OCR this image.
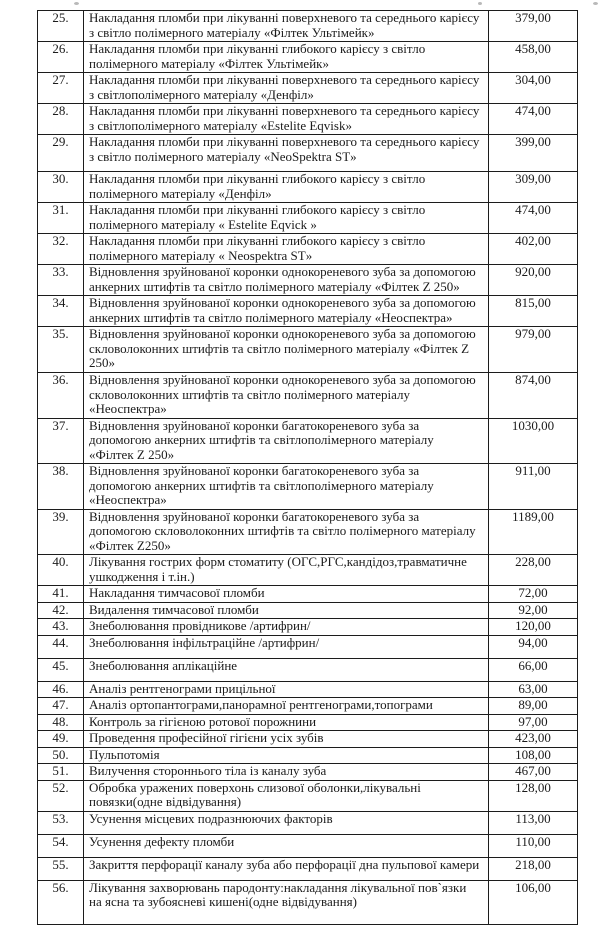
25.	Накладання пломби при лікуванні поверхневого та середнього карієсу з світло полімерного матеріалу «Філтек Ультімейк»	379,00
26.	Накладання пломби при лікуванні глибокого карієсу з світло полімерного матеріалу «Філтек Ультімейк»	458,00
27.	Накладання пломби при лікуванні поверхневого та середнього карієсу з світлополімерного матеріалу «Денфіл»	304,00
28.	Накладання пломби при лікуванні поверхневого та середнього карієсу з світлополімерного матеріалу «Estelite Eqvisk»	474,00
29.	Накладання пломби при лікуванні поверхневого та середнього карієсу з світло полімерного матеріалу «NeoSpektra ST»	399,00
30.	Накладання пломби при лікуванні глибокого карієсу з світло полімерного матеріалу «Денфіл»	309,00
31.	Накладання пломби при лікуванні глибокого карієсу з світло полімерного матеріалу « Estelite Eqvick »	474,00
32.	Накладання пломби при лікуванні глибокого карієсу з світло полімерного матеріалу « Neospektra ST»	402,00
33.	Відновлення зруйнованої коронки однокореневого зуба за допомогою анкерних штифтів та світло полімерного матеріалу «Філтек Z 250»	920,00
34.	Відновлення зруйнованої коронки однокореневого зуба за допомогою анкерних штифтів та світло полімерного матеріалу «Неоспектра»	815,00
35.	Відновлення зруйнованої коронки однокореневого зуба за допомогою скловолоконних штифтів та світло полімерного матеріалу «Філтек Z 250»	979,00
36.	Відновлення зруйнованої коронки однокореневого зуба за допомогою скловолоконних штифтів та світло полімерного матеріалу «Неоспектра»	874,00
37.	Відновлення зруйнованої коронки багатокореневого зуба за допомогою анкерних штифтів та світлополімерного матеріалу «Філтек Z 250»	1030,00
38.	Відновлення зруйнованої коронки багатокореневого зуба за допомогою анкерних штифтів та світлополімерного матеріалу «Неоспектра»	911,00
39.	Відновлення зруйнованої коронки багатокореневого зуба за допомогою скловолоконних штифтів та світло полімерного матеріалу «Філтек Z250»	1189,00
40.	Лікування гострих форм стоматиту (ОГС,РГС,кандідоз,травматичне ушкодження і т.ін.)	228,00
41.	Накладання тимчасової пломби	72,00
42.	Видалення тимчасової пломби	92,00
43.	Знеболювання провідникове /артифрин/	120,00
44.	Знеболювання інфільтраційне /артифрин/	94,00
45.	Знеболювання аплікаційне	66,00
46.	Аналіз рентгенограми прицільної	63,00
47.	Аналіз ортопантограми,панорамної рентгенограми,топограми	89,00
48.	Контроль за гігієною ротової порожнини	97,00
49.	Проведення професійної гігієни усіх зубів	423,00
50.	Пульпотомія	108,00
51.	Вилучення стороннього тіла із каналу зуба	467,00
52.	Обробка уражених поверхонь слизової оболонки,лікувальні повязки(одне відвідування)	128,00
53.	Усунення місцевих подразнюючих факторів	113,00
54.	Усунення дефекту пломби	110,00
55.	Закриття перфорації каналу зуба або перфорації дна пульпової камери	218,00
56.	Лікування захворювань пародонту:накладання лікувальної пов`язки на ясна та зубоясневі кишені(одне відвідування)	106,00
